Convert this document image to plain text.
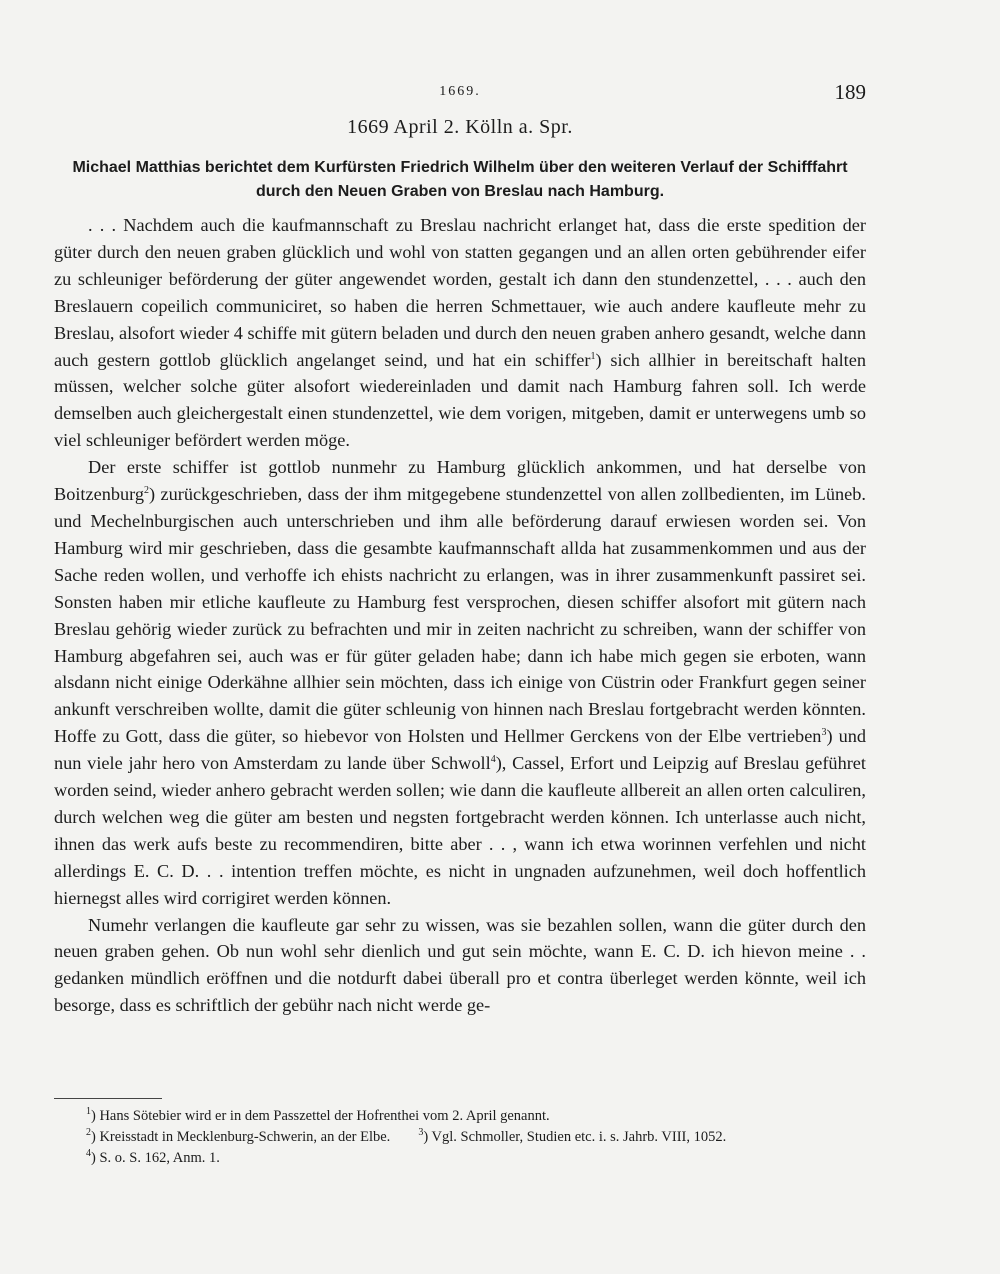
1669.	189
1669 April 2. Kölln a. Spr.
Michael Matthias berichtet dem Kurfürsten Friedrich Wilhelm über den weiteren Verlauf der Schifffahrt
durch den Neuen Graben von Breslau nach Hamburg.

. . . Nachdem auch die kaufmannschaft zu Breslau nachricht erlanget hat, dass die erste spedition der güter durch den neuen graben glücklich und wohl von statten gegangen und an allen orten gebührender eifer zu schleuniger beförderung der güter angewendet worden, gestalt ich dann den stundenzettel, . . . auch den Breslauern copeilich communiciret, so haben die herren Schmettauer, wie auch andere kaufleute mehr zu Breslau, alsofort wieder 4 schiffe mit gütern beladen und durch den neuen graben anhero gesandt, welche dann auch gestern gottlob glücklich angelanget seind, und hat ein schiffer$^1$) sich allhier in bereitschaft halten müssen, welcher solche güter alsofort wiedereinladen und damit nach Hamburg fahren soll. Ich werde demselben auch gleichergestalt einen stundenzettel, wie dem vorigen, mitgeben, damit er unterwegens umb so viel schleuniger befördert werden möge.

Der erste schiffer ist gottlob nunmehr zu Hamburg glücklich ankommen, und hat derselbe von Boitzenburg$^2$) zurückgeschrieben, dass der ihm mitgegebene stundenzettel von allen zollbedienten, im Lüneb. und Mechelnburgischen auch unterschrieben und ihm alle beförderung darauf erwiesen worden sei. Von Hamburg wird mir geschrieben, dass die gesambte kaufmannschaft allda hat zusammenkommen und aus der Sache reden wollen, und verhoffe ich ehists nachricht zu erlangen, was in ihrer zusammenkunft passiret sei. Sonsten haben mir etliche kaufleute zu Hamburg fest versprochen, diesen schiffer alsofort mit gütern nach Breslau gehörig wieder zurück zu befrachten und mir in zeiten nachricht zu schreiben, wann der schiffer von Hamburg abgefahren sei, auch was er für güter geladen habe; dann ich habe mich gegen sie erboten, wann alsdann nicht einige Oderkähne allhier sein möchten, dass ich einige von Cüstrin oder Frankfurt gegen seiner ankunft verschreiben wollte, damit die güter schleunig von hinnen nach Breslau fortgebracht werden könnten. Hoffe zu Gott, dass die güter, so hiebevor von Holsten und Hellmer Gerckens von der Elbe vertrieben$^3$) und nun viele jahr hero von Amsterdam zu lande über Schwoll$^4$), Cassel, Erfort und Leipzig auf Breslau geführet worden seind, wieder anhero gebracht werden sollen; wie dann die kaufleute allbereit an allen orten calculiren, durch welchen weg die güter am besten und negsten fortgebracht werden können. Ich unterlasse auch nicht, ihnen das werk aufs beste zu recommendiren, bitte aber . . , wann ich etwa worinnen verfehlen und nicht allerdings E. C. D. . . intention treffen möchte, es nicht in ungnaden aufzunehmen, weil doch hoffentlich hiernegst alles wird corrigiret werden können.

Numehr verlangen die kaufleute gar sehr zu wissen, was sie bezahlen sollen, wann die güter durch den neuen graben gehen. Ob nun wohl sehr dienlich und gut sein möchte, wann E. C. D. ich hievon meine . . gedanken mündlich eröffnen und die notdurft dabei überall pro et contra überleget werden könnte, weil ich besorge, dass es schriftlich der gebühr nach nicht werde ge-

$^1$) Hans Sötebier wird er in dem Passzettel der Hofrenthei vom 2. April genannt.
$^2$) Kreisstadt in Mecklenburg-Schwerin, an der Elbe.	$^3$) Vgl. Schmoller, Studien etc. i. s. Jahrb. VIII, 1052.
$^4$) S. o. S. 162, Anm. 1.
